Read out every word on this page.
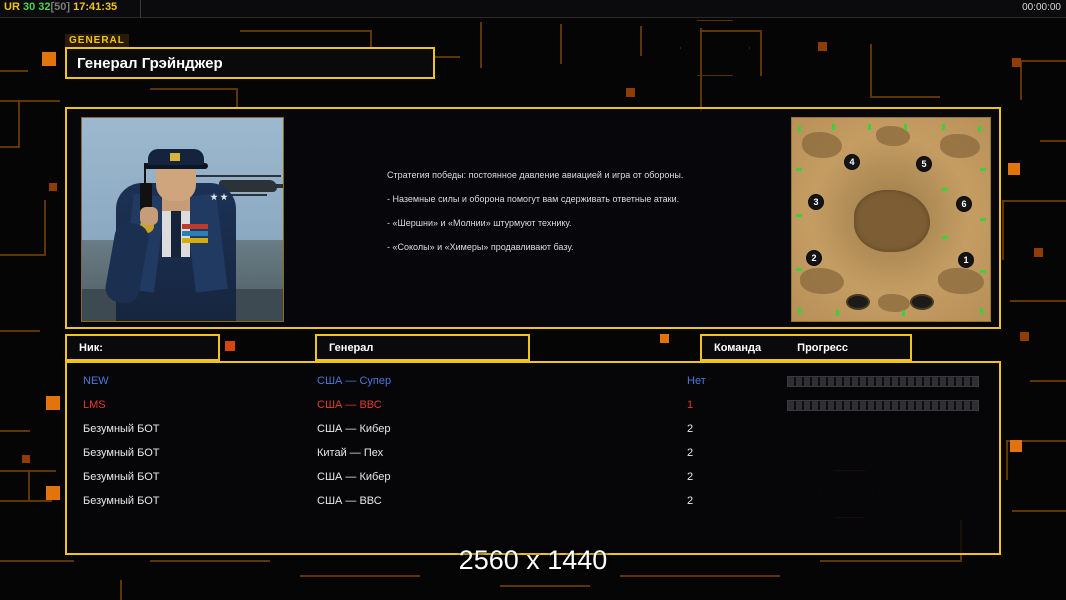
UR 30 32[50] 17:41:35	00:00:00
GENERAL
Генерал Грэйнджер
Стратегия победы: постоянное давление авиацией и игра от обороны.
- Наземные силы и оборона помогут вам сдерживать ответные атаки.
- «Шершни» и «Молнии» штурмуют технику.
- «Соколы» и «Химеры» продавливают базу.
4	5
3	6
2	1
Ник:	Генерал	Команда	Прогресс
NEW	США — Супер	Нет
LMS	США — ВВС	1
Безумный БОТ	США — Кибер	2
Безумный БОТ	Китай — Пех	2
Безумный БОТ	США — Кибер	2
Безумный БОТ	США — ВВС	2
2560 x 1440
